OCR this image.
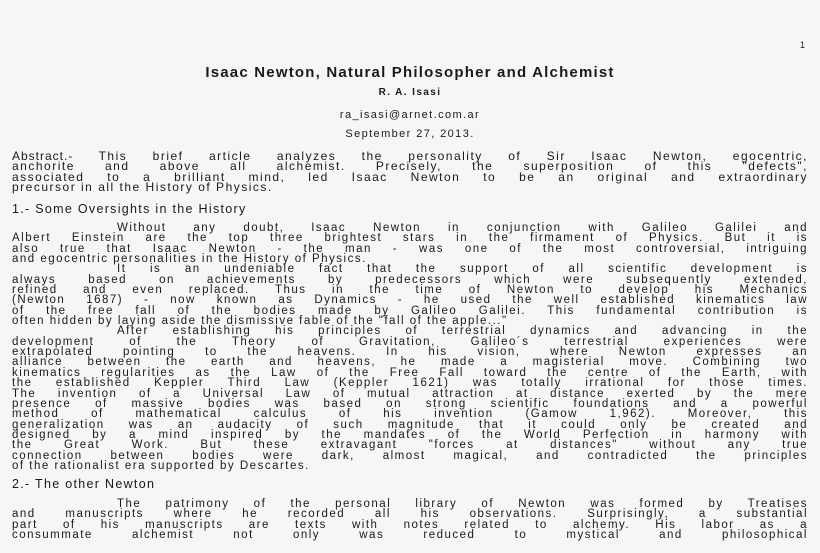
1
Isaac Newton, Natural Philosopher and Alchemist
R. A. Isasi
ra_isasi@arnet.com.ar
September 27, 2013.
Abstract.- This brief article analyzes the personality of Sir Isaac Newton, egocentric,
anchorite and above all alchemist. Precisely, the superposition of this "defects",
associated to a brilliant mind, led Isaac Newton to be an original and extraordinary
precursor in all the History of Physics.
1.- Some Oversights in the History
Without any doubt, Isaac Newton in conjunction with Galileo Galilei and
Albert Einstein are the top three brightest stars in the firmament of Physics. But it is
also true that Isaac Newton - the man - was one of the most controversial, intriguing
and egocentric personalities in the History of Physics.
It is an undeniable fact that the support of all scientific development is
always based on achievements by predecessors which were subsequently extended,
refined and even replaced. Thus in the time of Newton to develop his Mechanics
(Newton 1687) - now known as Dynamics - he used the well established kinematics law
of the free fall of the bodies made by Galileo Galilei. This fundamental contribution is
often hidden by laying aside the dismissive fable of the "fall of the apple..."
After establishing his principles of terrestrial dynamics and advancing in the
development of the Theory of Gravitation, Galileo´s terrestrial experiences were
extrapolated pointing to the heavens. In his vision, where Newton expresses an
alliance between the earth and heavens, he made a magisterial move. Combining two
kinematics regularities as the Law of the Free Fall toward the centre of the Earth, with
the established Keppler Third Law (Keppler 1621) was totally irrational for those times.
The invention of a Universal Law of mutual attraction at distance exerted by the mere
presence of massive bodies was based on strong scientific foundations and a powerful
method of mathematical calculus of his invention (Gamow 1,962). Moreover, this
generalization was an audacity of such magnitude that it could only be created and
designed by a mind inspired by the mandates of the World Perfection in harmony with
the Great Work. But these extravagant "forces at distances" without any true
connection between bodies were dark, almost magical, and contradicted the principles
of the rationalist era supported by Descartes.
2.- The other Newton
The patrimony of the personal library of Newton was formed by Treatises
and manuscripts where he recorded all his observations. Surprisingly, a substantial
part of his manuscripts are texts with notes related to alchemy. His labor as a
consummate alchemist not only was reduced to mystical and philosophical
